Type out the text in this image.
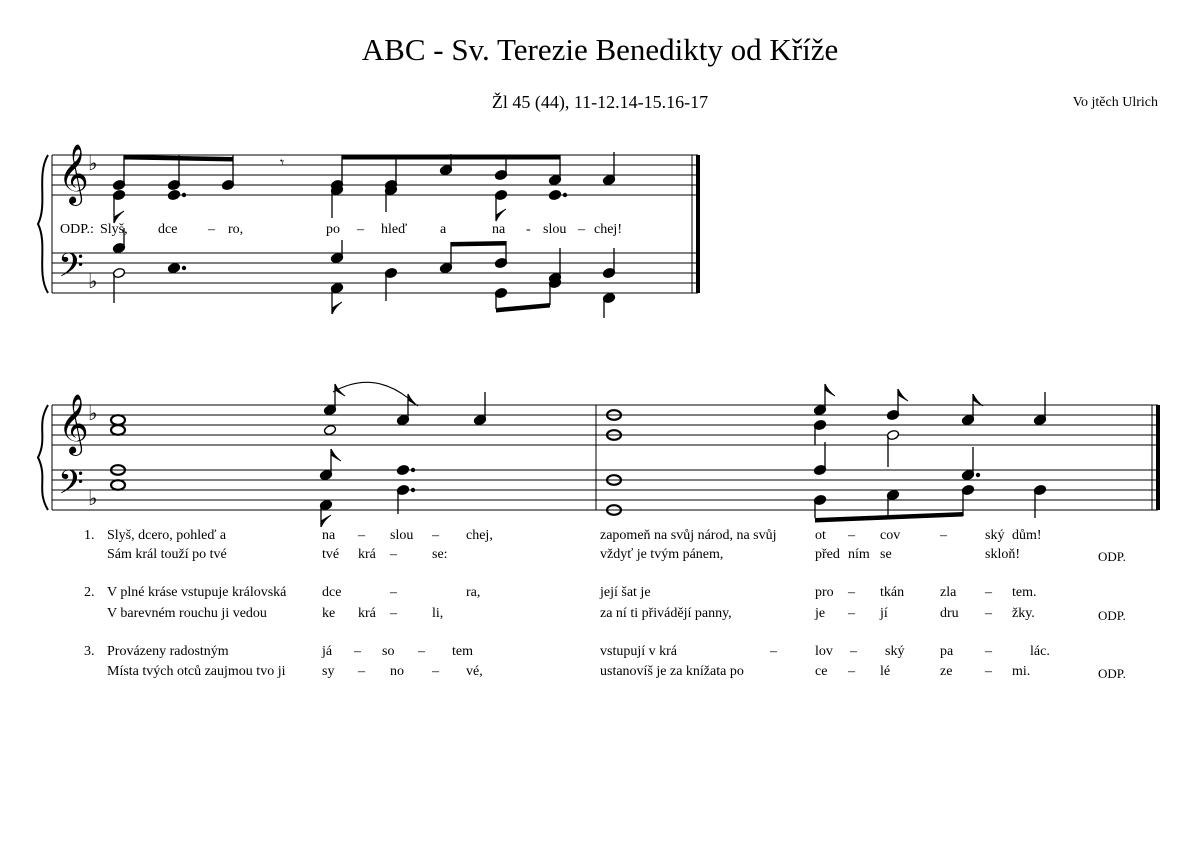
ABC - Sv. Terezie Benedikty od Kříže
Žl 45 (44), 11-12.14-15.16-17	Vo jtěch Ulrich
𝄞
𝄢
♭
♭
𝄾
𝄞
𝄢
♭
♭
ODP.: Slyš, dce – ro,	po – hleď a	na - slou – chej!
1. Slyš, dcero, pohleď a	na – slou – chej,	zapomeň na svůj národ, na svůj	ot – cov	–	ský dům!
Sám král touží po tvé	tvé krá –	se:	vždyť je tvým pánem,	před ním se	skloň!	ODP.
2. V plné kráse vstupuje královská	dce	–	ra,	její šat je	pro – tkán	zla – tem.
V barevném rouchu ji vedou	ke krá –	li,	za ní ti přivádějí panny,	je – jí	dru – žky.	ODP.
3. Provázeny radostným	já – so – tem	vstupují v krá	–	lov – ský	pa –	lác.
Místa tvých otců zaujmou tvo ji	sy – no – vé,	ustanovíš je za knížata po	ce – lé	ze – mi.	ODP.
